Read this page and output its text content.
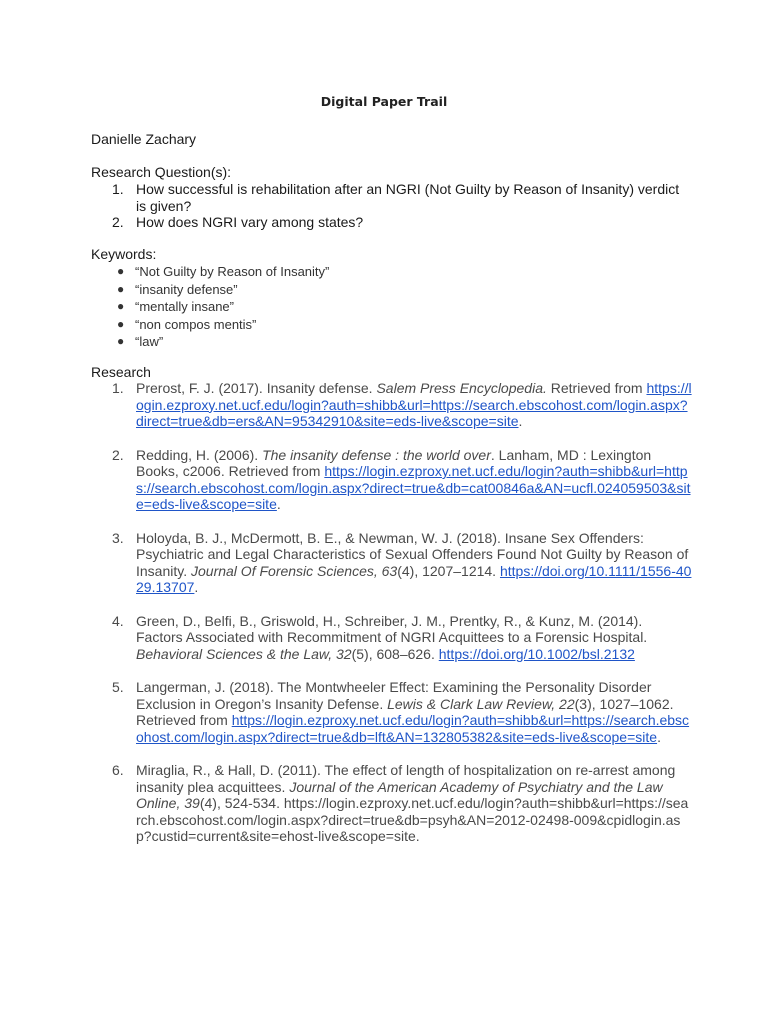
Digital Paper Trail
Danielle Zachary
Research Question(s):
1. How successful is rehabilitation after an NGRI (Not Guilty by Reason of Insanity) verdict is given?
2. How does NGRI vary among states?
Keywords:
● “Not Guilty by Reason of Insanity”
● “insanity defense”
● “mentally insane”
● “non compos mentis”
● “law”
Research
1. Prerost, F. J. (2017). Insanity defense. Salem Press Encyclopedia. Retrieved from https://login.ezproxy.net.ucf.edu/login?auth=shibb&url=https://search.ebscohost.com/login.aspx?direct=true&db=ers&AN=95342910&site=eds-live&scope=site.
2. Redding, H. (2006). The insanity defense : the world over. Lanham, MD : Lexington Books, c2006. Retrieved from https://login.ezproxy.net.ucf.edu/login?auth=shibb&url=https://search.ebscohost.com/login.aspx?direct=true&db=cat00846a&AN=ucfl.024059503&site=eds-live&scope=site.
3. Holoyda, B. J., McDermott, B. E., & Newman, W. J. (2018). Insane Sex Offenders: Psychiatric and Legal Characteristics of Sexual Offenders Found Not Guilty by Reason of Insanity. Journal Of Forensic Sciences, 63(4), 1207–1214. https://doi.org/10.1111/1556-4029.13707.
4. Green, D., Belfi, B., Griswold, H., Schreiber, J. M., Prentky, R., & Kunz, M. (2014). Factors Associated with Recommitment of NGRI Acquittees to a Forensic Hospital. Behavioral Sciences & the Law, 32(5), 608–626. https://doi.org/10.1002/bsl.2132
5. Langerman, J. (2018). The Montwheeler Effect: Examining the Personality Disorder Exclusion in Oregon’s Insanity Defense. Lewis & Clark Law Review, 22(3), 1027–1062. Retrieved from https://login.ezproxy.net.ucf.edu/login?auth=shibb&url=https://search.ebscohost.com/login.aspx?direct=true&db=lft&AN=132805382&site=eds-live&scope=site.
6. Miraglia, R., & Hall, D. (2011). The effect of length of hospitalization on re-arrest among insanity plea acquittees. Journal of the American Academy of Psychiatry and the Law Online, 39(4), 524-534. https://login.ezproxy.net.ucf.edu/login?auth=shibb&url=https://search.ebscohost.com/login.aspx?direct=true&db=psyh&AN=2012-02498-009&cpidlogin.asp?custid=current&site=ehost-live&scope=site.
